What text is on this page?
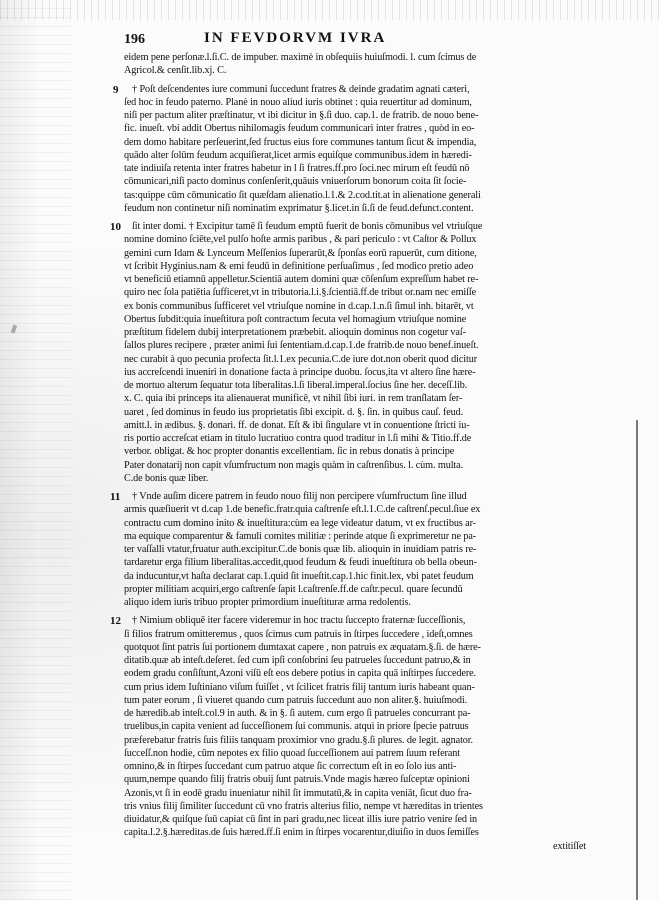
196	IN FEVDORVM IVRA
eidem pene perſonæ.l.ſi.C. de impuber. maximè in obſequiis huiuſmodi. l. cum ſcimus de
Agricol.& cenſit.lib.xj. C.
9	† Poſt deſcendentes iure communi ſuccedunt fratres & deinde gradatim agnati cæteri,
ſed hoc in feudo paterno. Planè in nouo aliud iuris obtinet : quia reuertitur ad dominum,
niſi per pactum aliter præſtinatur, vt ibi dicitur in §.ſi duo. cap.1. de fratrib. de nouo bene-
fic. inueſt. vbi addit Obertus nihilomagis feudum communicari inter fratres , quòd in eo-
dem domo habitare perſeuerint,ſed fructus eius fore communes tantum ſicut & impendia,
quādo alter ſolūm feudum acquiſierat,licet armis equiſque communibus.idem in hæredi-
tate indiuiſa retenta inter fratres habetur in l ſi fratres.ff.pro ſoci.nec mirum eſt feudū nō
cōmunicari,niſi pacto dominus conſenſerit,quāuis vniuerſorum bonorum coita ſit ſocie-
tas:quippe cūm cōmunicatio ſit quæſdam alienatio.l.1.& 2.cod.tit.at in alienatione generali
feudum non continetur niſi nominatim exprimatur §.licet.in ſi.ſi de feud.defunct.content.
10	ſit inter domi. † Excipitur tamē ſi feudum emptū fuerit de bonis cōmunibus vel vtriuſque
nomine domino ſciēte,vel pulſo hoſte armis paribus , & pari periculo : vt Caſtor & Pollux
gemini cum Idam & Lynceum Meſſenios ſuperarūt,& ſponſas eorū rapuerūt, cum ditione,
vt ſcribit Hyginius.nam & emi feudū in definitione perſuaſimus , ſed modico pretio adeo
vt beneficiū etiamnū appelletur.Scientiā autem domini quæ cōſenſum expreſſum habet re-
quiro nec ſola patiētia ſufficeret,vt in tributoria.l.i.§.ſcientiā.ff.de tribut or.nam nec emiſſe
ex bonis communibus ſufficeret vel vtriuſque nomine in d.cap.1.n.ſi ſimul inh. bitarēt, vt
Obertus ſubdit:quia inueſtitura poſt contractum ſecuta vel homagium vtriuſque nomine
præſtitum fidelem dubij interpretationem præbebit. alioquin dominus non cogetur vaſ-
ſallos plures recipere , præter animi ſui ſententiam.d.cap.1.de fratrib.de nouo benef.inueſt.
nec curabit à quo pecunia profecta ſit.l.1.ex pecunia.C.de iure dot.non oberit quod dicitur
ius accreſcendi inueniri in donatione facta à principe duobu. ſocus,ita vt altero ſine hære-
de mortuo alterum ſequatur tota liberalitas.l.ſi liberal.imperal.ſocius ſine her. deceſſ.lib.
x. C. quia ibi princeps ita alienauerat munificē, vt nihil ſibi iuri. in rem tranſlatam ſer-
uaret , ſed dominus in feudo ius proprietatis ſibi excipit. d. §. ſin. in quibus cauſ. feud.
amitt.l. in ædibus. §. donari. ff. de donat. Eſt & ibi ſingulare vt in conuentione ſtricti iu-
ris portio accreſcat etiam in titulo lucratiuo contra quod traditur in l.ſi mihi & Titio.ff.de
verbor. obligat. & hoc propter donantis excellentiam. ſic in rebus donatis à principe
Pater donatarij non capit vſumfructum non magis quàm in caſtrenſibus. l. cùm. multa.
C.de bonis quæ liber.
11	† Vnde auſim dicere patrem in feudo nouo filij non percipere vſumfructum ſine illud
armis quæſiuerit vt d.cap 1.de benefic.fratr.quia caſtrenſe eſt.l.1.C.de caſtrenſ.pecul.ſiue ex
contractu cum domino inito & inueſtitura:cùm ea lege videatur datum, vt ex fructibus ar-
ma equique comparentur & famuli comites militiæ : perinde atque ſi exprimeretur ne pa-
ter vaſſalli vtatur,fruatur auth.excipitur.C.de bonis quæ lib. alioquin in inuidiam patris re-
tardaretur erga filium liberalitas.accedit,quod feudum & feudi inueſtitura ob bella obeun-
da inducuntur,vt haſta declarat cap.1.quid ſit inueſtit.cap.1.hic finit.lex, vbi patet feudum
propter militiam acquiri,ergo caſtrenſe ſapit l.caſtrenſe.ff.de caſtr.pecul. quare ſecundū
aliquo idem iuris tribuo propter primordium inueſtituræ arma redolentis.
12	† Nimium obliquē iter facere videremur in hoc tractu ſuccepto fraternæ ſucceſſionis,
ſi filios fratrum omitteremus , quos ſcimus cum patruis in ſtirpes ſuccedere , ideſt,omnes
quotquot ſint patris ſui portionem dumtaxat capere , non patruis ex æquatam.§.ſi. de hære-
ditatib.quæ ab inteſt.deſeret. ſed cum ipſi conſobrini ſeu patrueles ſuccedunt patruo,& in
eodem gradu conſiſtunt,Azoni viſū eſt eos debere potius in capita quā inſtirpes ſuccedere.
cum prius idem Iuſtiniano viſum fuiſſet , vt ſcilicet fratris filij tantum iuris habeant quan-
tum pater eorum , ſi viueret quando cum patruis ſuccedunt auo non aliter.§. huiuſmodi.
de hæredib.ab inteſt.col.9 in auth. & in §. ſi autem. cum ergo ſi patrueles concurrant pa-
truelibus,in capita venient ad ſucceſſionem ſui communis. atqui in priore ſpecie patruus
præferebatur fratris ſuis filiis tanquam proximior vno gradu.§.ſi plures. de legit. agnator.
ſucceſſ.non hodie, cūm nepotes ex filio quoad ſucceſſionem aui patrem ſuum referant
omnino,& in ſtirpes ſuccedant cum patruo atque ſic correctum eſt in eo ſolo ius anti-
quum,nempe quando filij fratris obuij ſunt patruis.Vnde magis hæreo ſuſceptæ opinioni
Azonis,vt ſi in eodē gradu inueniatur nihil ſit immutatū,& in capita veniāt, ſicut duo fra-
tris vnius filij ſimiliter ſuccedunt cū vno fratris alterius filio, nempe vt hæreditas in trientes
diuidatur,& quiſque ſuū capiat cū ſint in pari gradu,nec liceat illis iure patrio venire ſed in
capita.l.2.§.hæreditas.de ſuis hæred.ff.ſi enim in ſtirpes vocarentur,diuiſio in duos ſemiſſes
extitiſſet
